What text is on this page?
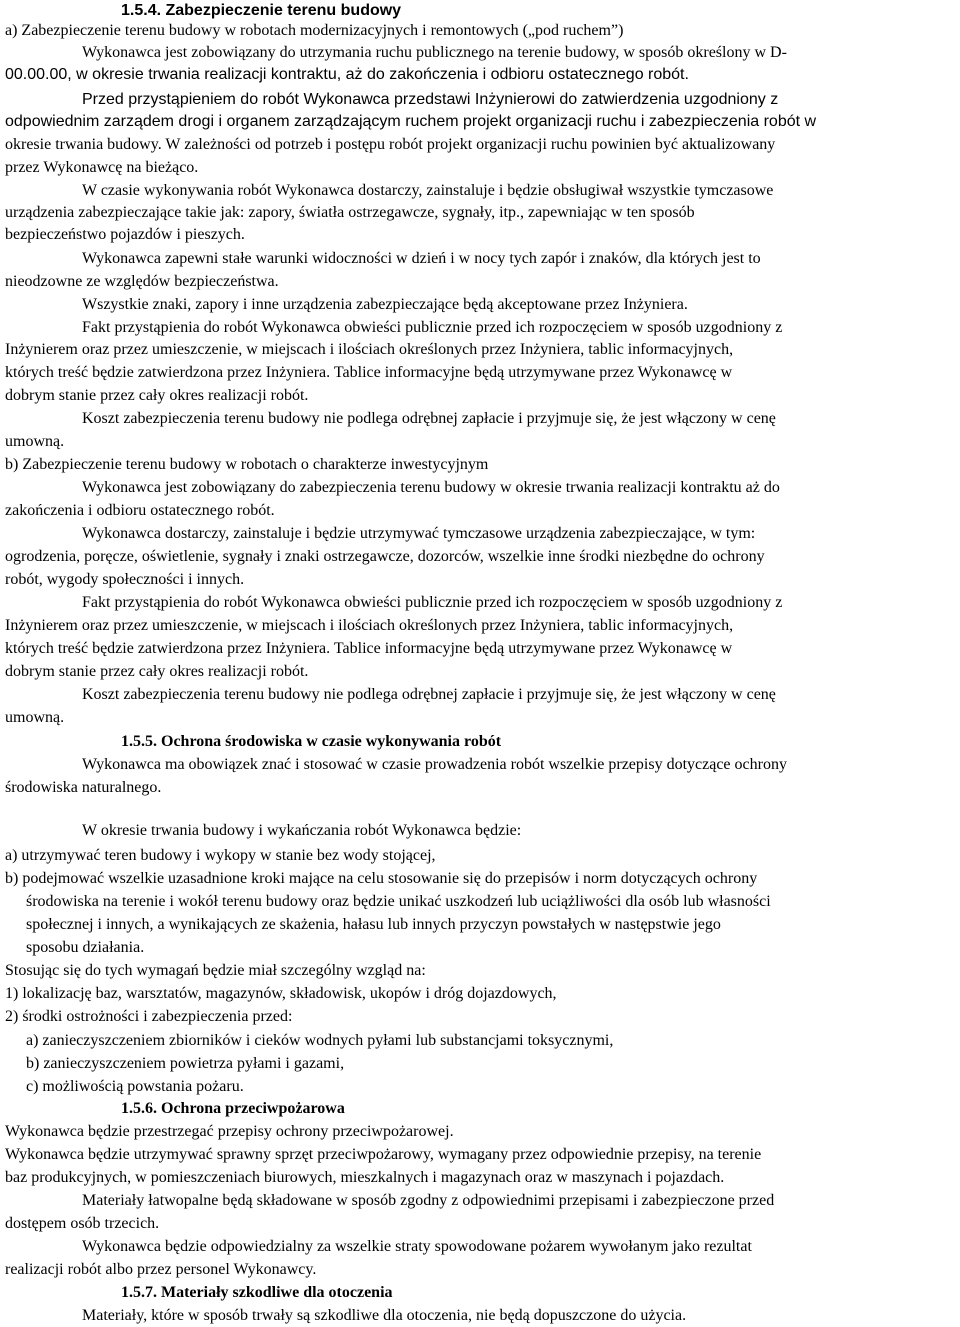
1.5.4. Zabezpieczenie terenu budowy
a) Zabezpieczenie terenu budowy w robotach modernizacyjnych i remontowych („pod ruchem”)
Wykonawca jest zobowiązany do utrzymania ruchu publicznego na terenie budowy, w sposób określony w D-
00.00.00, w okresie trwania realizacji kontraktu, aż do zakończenia i odbioru ostatecznego robót.
Przed przystąpieniem do robót Wykonawca przedstawi Inżynierowi do zatwierdzenia uzgodniony z
odpowiednim zarządem drogi i organem zarządzającym ruchem projekt organizacji ruchu i zabezpieczenia robót w
okresie trwania budowy. W zależności od potrzeb i postępu robót projekt organizacji ruchu powinien być aktualizowany
przez Wykonawcę na bieżąco.
W czasie wykonywania robót Wykonawca dostarczy, zainstaluje i będzie obsługiwał wszystkie tymczasowe
urządzenia zabezpieczające takie jak: zapory, światła ostrzegawcze, sygnały, itp., zapewniając w ten sposób
bezpieczeństwo pojazdów i pieszych.
Wykonawca zapewni stałe warunki widoczności w dzień i w nocy tych zapór i znaków, dla których jest to
nieodzowne ze względów bezpieczeństwa.
Wszystkie znaki, zapory i inne urządzenia zabezpieczające będą akceptowane przez Inżyniera.
Fakt przystąpienia do robót Wykonawca obwieści publicznie przed ich rozpoczęciem w sposób uzgodniony z
Inżynierem oraz przez umieszczenie, w miejscach i ilościach określonych przez Inżyniera, tablic informacyjnych,
których treść będzie zatwierdzona przez Inżyniera. Tablice informacyjne będą utrzymywane przez Wykonawcę w
dobrym stanie przez cały okres realizacji robót.
Koszt zabezpieczenia terenu budowy nie podlega odrębnej zapłacie i przyjmuje się, że jest włączony w cenę
umowną.
b) Zabezpieczenie terenu budowy w robotach o charakterze inwestycyjnym
Wykonawca jest zobowiązany do zabezpieczenia terenu budowy w okresie trwania realizacji kontraktu aż do
zakończenia i odbioru ostatecznego robót.
Wykonawca dostarczy, zainstaluje i będzie utrzymywać tymczasowe urządzenia zabezpieczające, w tym:
ogrodzenia, poręcze, oświetlenie, sygnały i znaki ostrzegawcze, dozorców, wszelkie inne środki niezbędne do ochrony
robót, wygody społeczności i innych.
Fakt przystąpienia do robót Wykonawca obwieści publicznie przed ich rozpoczęciem w sposób uzgodniony z
Inżynierem oraz przez umieszczenie, w miejscach i ilościach określonych przez Inżyniera, tablic informacyjnych,
których treść będzie zatwierdzona przez Inżyniera. Tablice informacyjne będą utrzymywane przez Wykonawcę w
dobrym stanie przez cały okres realizacji robót.
Koszt zabezpieczenia terenu budowy nie podlega odrębnej zapłacie i przyjmuje się, że jest włączony w cenę
umowną.
1.5.5. Ochrona środowiska w czasie wykonywania robót
Wykonawca ma obowiązek znać i stosować w czasie prowadzenia robót wszelkie przepisy dotyczące ochrony
środowiska naturalnego.
W okresie trwania budowy i wykańczania robót Wykonawca będzie:
a) utrzymywać teren budowy i wykopy w stanie bez wody stojącej,
b) podejmować wszelkie uzasadnione kroki mające na celu stosowanie się do przepisów i norm dotyczących ochrony
środowiska na terenie i wokół terenu budowy oraz będzie unikać uszkodzeń lub uciążliwości dla osób lub własności
społecznej i innych, a wynikających ze skażenia, hałasu lub innych przyczyn powstałych w następstwie jego
sposobu działania.
Stosując się do tych wymagań będzie miał szczególny wzgląd na:
1) lokalizację baz, warsztatów, magazynów, składowisk, ukopów i dróg dojazdowych,
2) środki ostrożności i zabezpieczenia przed:
a) zanieczyszczeniem zbiorników i cieków wodnych pyłami lub substancjami toksycznymi,
b) zanieczyszczeniem powietrza pyłami i gazami,
c) możliwością powstania pożaru.
1.5.6. Ochrona przeciwpożarowa
Wykonawca będzie przestrzegać przepisy ochrony przeciwpożarowej.
Wykonawca będzie utrzymywać sprawny sprzęt przeciwpożarowy, wymagany przez odpowiednie przepisy, na terenie
baz produkcyjnych, w pomieszczeniach biurowych, mieszkalnych i magazynach oraz w maszynach i pojazdach.
Materiały łatwopalne będą składowane w sposób zgodny z odpowiednimi przepisami i zabezpieczone przed
dostępem osób trzecich.
Wykonawca będzie odpowiedzialny za wszelkie straty spowodowane pożarem wywołanym jako rezultat
realizacji robót albo przez personel Wykonawcy.
1.5.7. Materiały szkodliwe dla otoczenia
Materiały, które w sposób trwały są szkodliwe dla otoczenia, nie będą dopuszczone do użycia.
